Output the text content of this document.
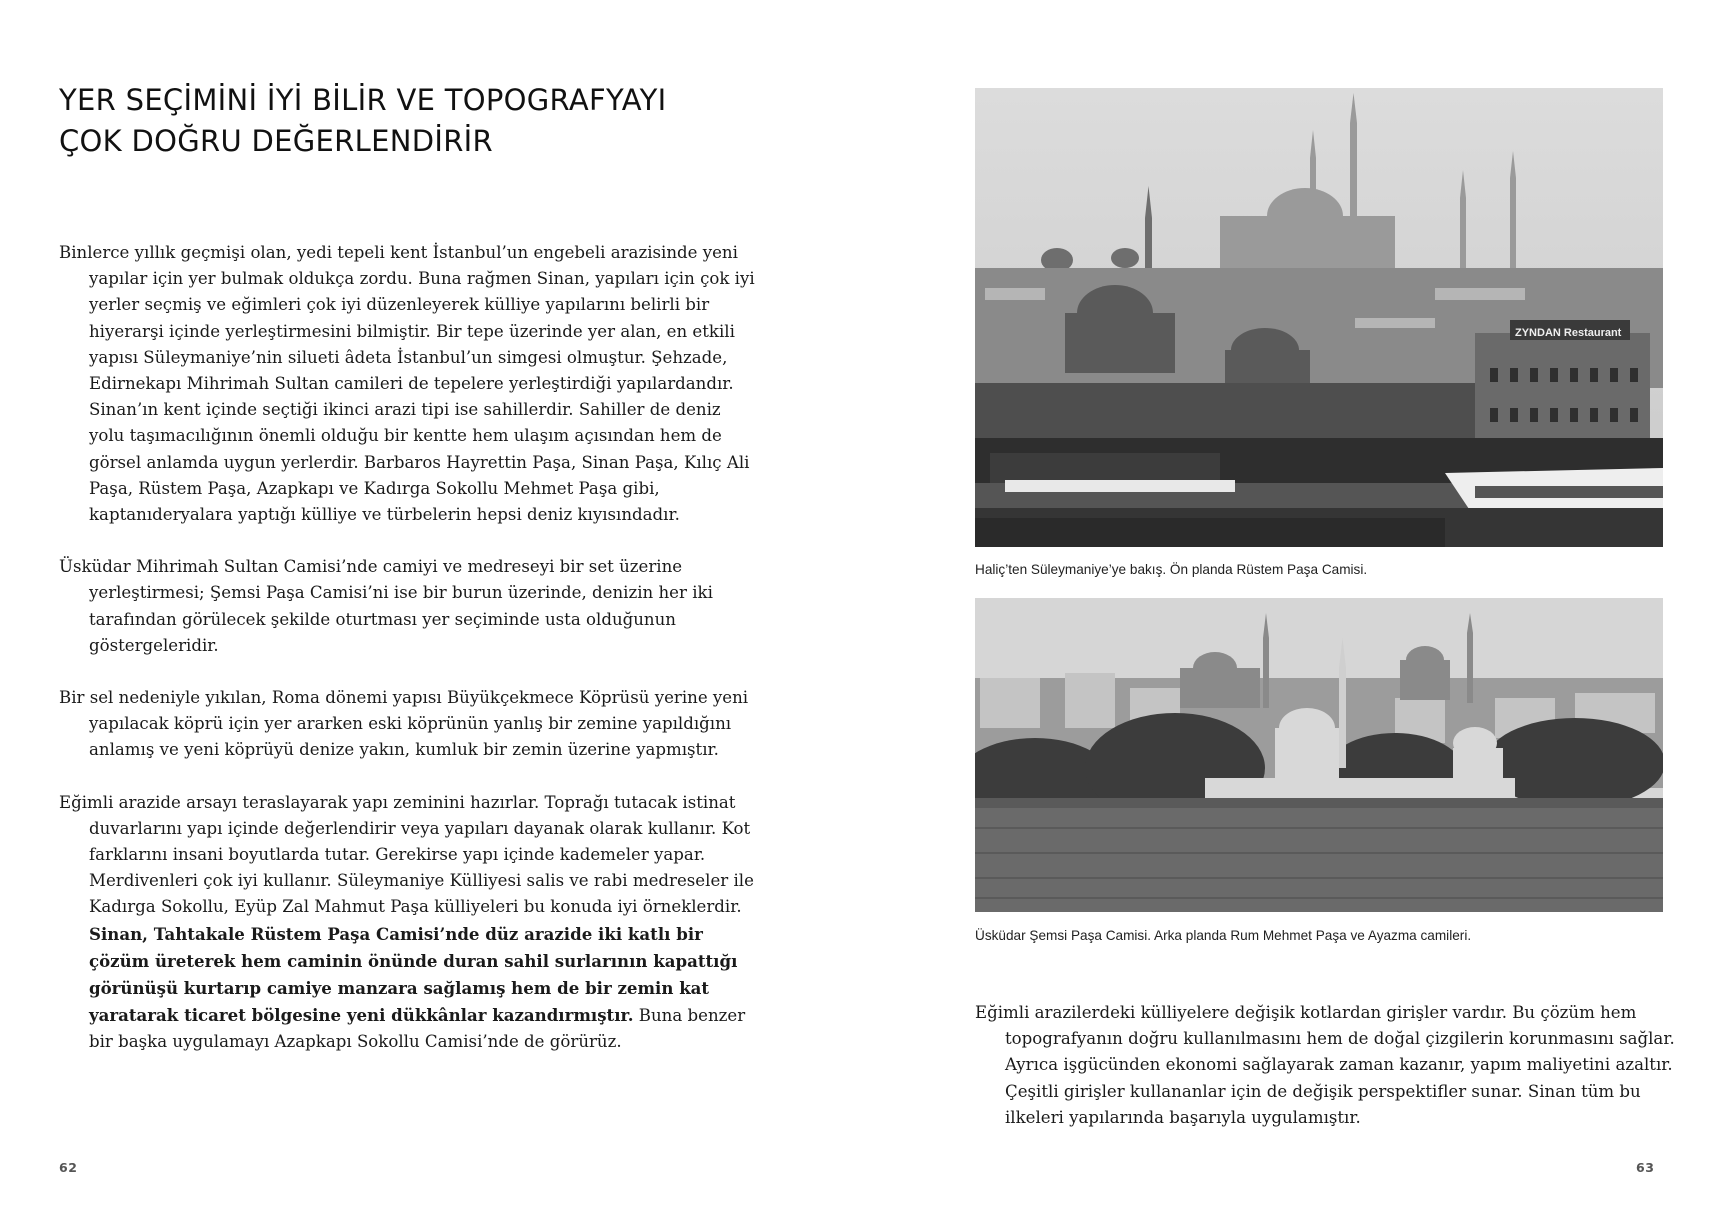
YER SEÇİMİNİ İYİ BİLİR VE TOPOGRAFYAYI
ÇOK DOĞRU DEĞERLENDİRİR

Binlerce yıllık geçmişi olan, yedi tepeli kent İstanbul’un engebeli arazisinde yeni yapılar için yer bulmak oldukça zordu. Buna rağmen Sinan, yapıları için çok iyi yerler seçmiş ve eğimleri çok iyi düzenleyerek külliye yapılarını belirli bir hiyerarşi içinde yerleştirmesini bilmiştir. Bir tepe üzerinde yer alan, en etkili yapısı Süleymaniye’nin silueti âdeta İstanbul’un simgesi olmuştur. Şehzade, Edirnekapı Mihrimah Sultan camileri de tepelere yerleştirdiği yapılardandır. Sinan’ın kent içinde seçtiği ikinci arazi tipi ise sahillerdir. Sahiller de deniz yolu taşımacılığının önemli olduğu bir kentte hem ulaşım açısından hem de görsel anlamda uygun yerlerdir. Barbaros Hayrettin Paşa, Sinan Paşa, Kılıç Ali Paşa, Rüstem Paşa, Azapkapı ve Kadırga Sokollu Mehmet Paşa gibi, kaptanıderyalara yaptığı külliye ve türbelerin hepsi deniz kıyısındadır.

Üsküdar Mihrimah Sultan Camisi’nde camiyi ve medreseyi bir set üzerine yerleştirmesi; Şemsi Paşa Camisi’ni ise bir burun üzerinde, denizin her iki tarafından görülecek şekilde oturtması yer seçiminde usta olduğunun göstergeleridir.

Bir sel nedeniyle yıkılan, Roma dönemi yapısı Büyükçekmece Köprüsü yerine yeni yapılacak köprü için yer ararken eski köprünün yanlış bir zemine yapıldığını anlamış ve yeni köprüyü denize yakın, kumluk bir zemin üzerine yapmıştır.

Eğimli arazide arsayı teraslayarak yapı zeminini hazırlar. Toprağı tutacak istinat duvarlarını yapı içinde değerlendirir veya yapıları dayanak olarak kullanır. Kot farklarını insani boyutlarda tutar. Gerekirse yapı içinde kademeler yapar. Merdivenleri çok iyi kullanır. Süleymaniye Külliyesi salis ve rabi medreseler ile Kadırga Sokollu, Eyüp Zal Mahmut Paşa külliyeleri bu konuda iyi örneklerdir. Sinan, Tahtakale Rüstem Paşa Camisi’nde düz arazide iki katlı bir çözüm üreterek hem caminin önünde duran sahil surlarının kapattığı görünüşü kurtarıp camiye manzara sağlamış hem de bir zemin kat yaratarak ticaret bölgesine yeni dükkânlar kazandırmıştır. Buna benzer bir başka uygulamayı Azapkapı Sokollu Camisi’nde de görürüz.

62
ZYNDAN Restaurant
Haliç’ten Süleymaniye’ye bakış. Ön planda Rüstem Paşa Camisi.
Üsküdar Şemsi Paşa Camisi. Arka planda Rum Mehmet Paşa ve Ayazma camileri.

Eğimli arazilerdeki külliyelere değişik kotlardan girişler vardır. Bu çözüm hem topografyanın doğru kullanılmasını hem de doğal çizgilerin korunmasını sağlar. Ayrıca işgücünden ekonomi sağlayarak zaman kazanır, yapım maliyetini azaltır. Çeşitli girişler kullananlar için de değişik perspektifler sunar. Sinan tüm bu ilkeleri yapılarında başarıyla uygulamıştır.

63
